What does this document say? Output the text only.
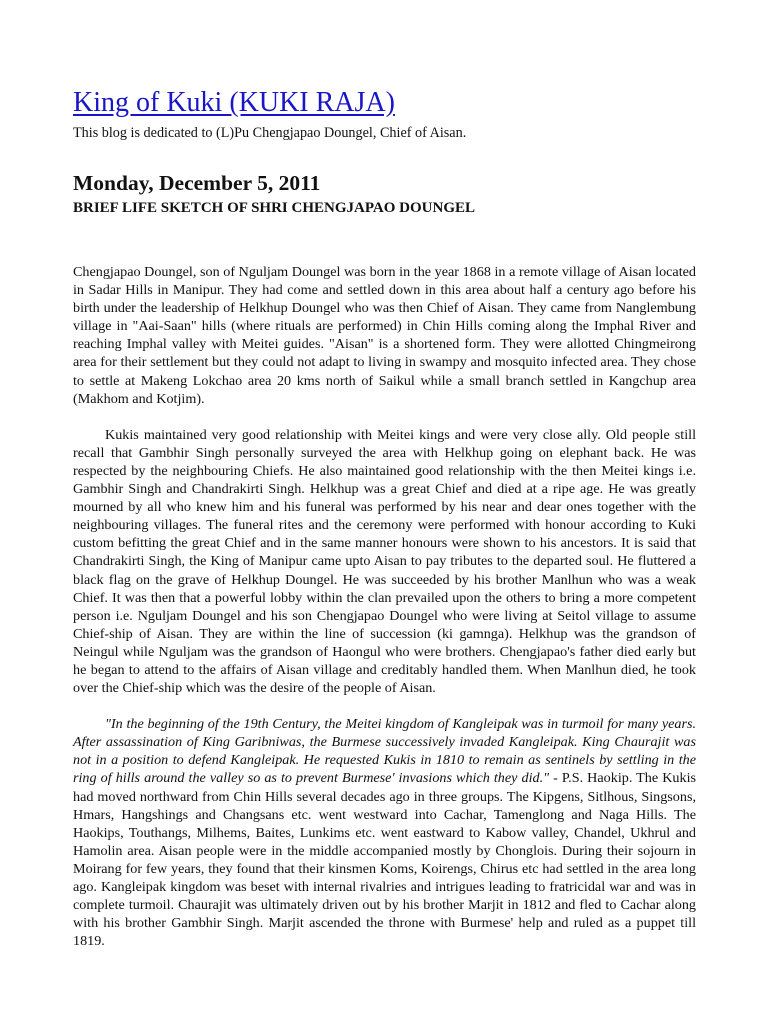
King of Kuki (KUKI RAJA)
This blog is dedicated to (L)Pu Chengjapao Doungel, Chief of Aisan.
Monday, December 5, 2011
BRIEF LIFE SKETCH OF SHRI CHENGJAPAO DOUNGEL

Chengjapao Doungel, son of Nguljam Doungel was born in the year 1868 in a remote village of Aisan located in Sadar Hills in Manipur. They had come and settled down in this area about half a century ago before his birth under the leadership of Helkhup Doungel who was then Chief of Aisan. They came from Nanglembung village in "Aai-Saan" hills (where rituals are performed) in Chin Hills coming along the Imphal River and reaching Imphal valley with Meitei guides. "Aisan" is a shortened form. They were allotted Chingmeirong area for their settlement but they could not adapt to living in swampy and mosquito infected area. They chose to settle at Makeng Lokchao area 20 kms north of Saikul while a small branch settled in Kangchup area (Makhom and Kotjim).

Kukis maintained very good relationship with Meitei kings and were very close ally. Old people still recall that Gambhir Singh personally surveyed the area with Helkhup going on elephant back. He was respected by the neighbouring Chiefs. He also maintained good relationship with the then Meitei kings i.e. Gambhir Singh and Chandrakirti Singh. Helkhup was a great Chief and died at a ripe age. He was greatly mourned by all who knew him and his funeral was performed by his near and dear ones together with the neighbouring villages. The funeral rites and the ceremony were performed with honour according to Kuki custom befitting the great Chief and in the same manner honours were shown to his ancestors. It is said that Chandrakirti Singh, the King of Manipur came upto Aisan to pay tributes to the departed soul. He fluttered a black flag on the grave of Helkhup Doungel. He was succeeded by his brother Manlhun who was a weak Chief. It was then that a powerful lobby within the clan prevailed upon the others to bring a more competent person i.e. Nguljam Doungel and his son Chengjapao Doungel who were living at Seitol village to assume Chief-ship of Aisan. They are within the line of succession (ki gamnga). Helkhup was the grandson of Neingul while Nguljam was the grandson of Haongul who were brothers. Chengjapao's father died early but he began to attend to the affairs of Aisan village and creditably handled them. When Manlhun died, he took over the Chief-ship which was the desire of the people of Aisan.

"In the beginning of the 19th Century, the Meitei kingdom of Kangleipak was in turmoil for many years. After assassination of King Garibniwas, the Burmese successively invaded Kangleipak. King Chaurajit was not in a position to defend Kangleipak. He requested Kukis in 1810 to remain as sentinels by settling in the ring of hills around the valley so as to prevent Burmese' invasions which they did." - P.S. Haokip. The Kukis had moved northward from Chin Hills several decades ago in three groups. The Kipgens, Sitlhous, Singsons, Hmars, Hangshings and Changsans etc. went westward into Cachar, Tamenglong and Naga Hills. The Haokips, Touthangs, Milhems, Baites, Lunkims etc. went eastward to Kabow valley, Chandel, Ukhrul and Hamolin area. Aisan people were in the middle accompanied mostly by Chonglois. During their sojourn in Moirang for few years, they found that their kinsmen Koms, Koirengs, Chirus etc had settled in the area long ago. Kangleipak kingdom was beset with internal rivalries and intrigues leading to fratricidal war and was in complete turmoil. Chaurajit was ultimately driven out by his brother Marjit in 1812 and fled to Cachar along with his brother Gambhir Singh. Marjit ascended the throne with Burmese' help and ruled as a puppet till 1819.
